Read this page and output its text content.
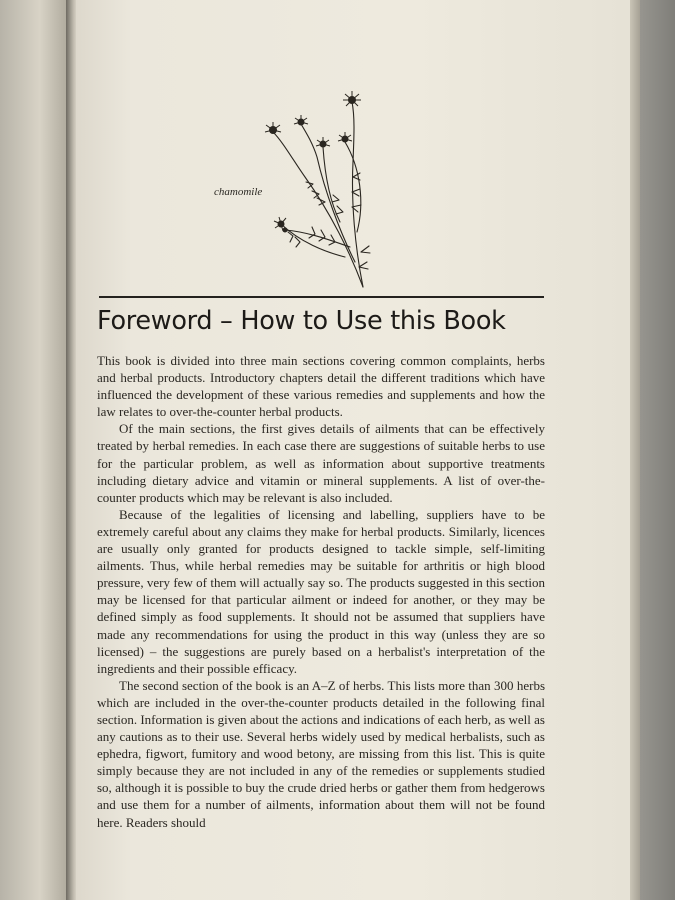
chamomile
Foreword – How to Use this Book

This book is divided into three main sections covering common complaints, herbs and herbal products. Introductory chapters detail the different traditions which have influenced the development of these various remedies and supplements and how the law relates to over-the-counter herbal products.

Of the main sections, the first gives details of ailments that can be effectively treated by herbal remedies. In each case there are suggestions of suitable herbs to use for the particular problem, as well as information about supportive treatments including dietary advice and vitamin or mineral supplements. A list of over-the-counter products which may be relevant is also included.

Because of the legalities of licensing and labelling, suppliers have to be extremely careful about any claims they make for herbal products. Similarly, licences are usually only granted for products designed to tackle simple, self-limiting ailments. Thus, while herbal remedies may be suitable for arthritis or high blood pressure, very few of them will actually say so. The products suggested in this section may be licensed for that particular ailment or indeed for another, or they may be defined simply as food supplements. It should not be assumed that suppliers have made any recommendations for using the product in this way (unless they are so licensed) – the suggestions are purely based on a herbalist's interpretation of the ingredients and their possible efficacy.

The second section of the book is an A–Z of herbs. This lists more than 300 herbs which are included in the over-the-counter products detailed in the following final section. Information is given about the actions and indications of each herb, as well as any cautions as to their use. Several herbs widely used by medical herbalists, such as ephedra, figwort, fumitory and wood betony, are missing from this list. This is quite simply because they are not included in any of the remedies or supplements studied so, although it is possible to buy the crude dried herbs or gather them from hedgerows and use them for a number of ailments, information about them will not be found here. Readers should
